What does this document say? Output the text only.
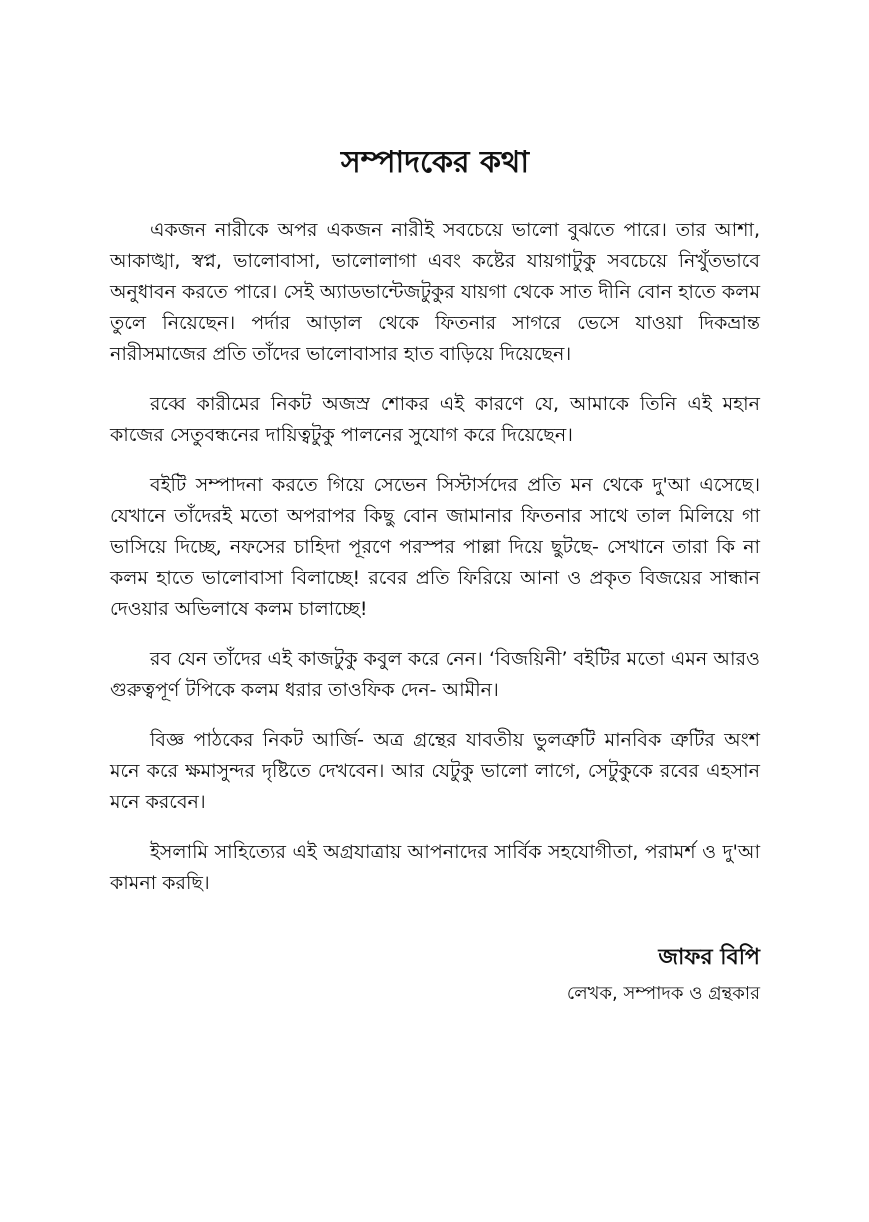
সম্পাদকের কথা

একজন নারীকে অপর একজন নারীই সবচেয়ে ভালো বুঝতে পারে। তার আশা, আকাঙ্খা, স্বপ্ন, ভালোবাসা, ভালোলাগা এবং কষ্টের যায়গাটুকু সবচেয়ে নিখুঁতভাবে অনুধাবন করতে পারে। সেই অ্যাডভান্টেজটুকুর যায়গা থেকে সাত দীনি বোন হাতে কলম তুলে নিয়েছেন। পর্দার আড়াল থেকে ফিতনার সাগরে ভেসে যাওয়া দিকভ্রান্ত নারীসমাজের প্রতি তাঁদের ভালোবাসার হাত বাড়িয়ে দিয়েছেন।

রব্বে কারীমের নিকট অজস্র শোকর এই কারণে যে, আমাকে তিনি এই মহান কাজের সেতুবন্ধনের দায়িত্বটুকু পালনের সুযোগ করে দিয়েছেন।

বইটি সম্পাদনা করতে গিয়ে সেভেন সিস্টার্সদের প্রতি মন থেকে দু'আ এসেছে। যেখানে তাঁদেরই মতো অপরাপর কিছু বোন জামানার ফিতনার সাথে তাল মিলিয়ে গা ভাসিয়ে দিচ্ছে, নফসের চাহিদা পূরণে পরস্পর পাল্লা দিয়ে ছুটছে- সেখানে তারা কি না কলম হাতে ভালোবাসা বিলাচ্ছে! রবের প্রতি ফিরিয়ে আনা ও প্রকৃত বিজয়ের সান্ধান দেওয়ার অভিলাষে কলম চালাচ্ছে!

রব যেন তাঁদের এই কাজটুকু কবুল করে নেন। ‘বিজয়িনী’ বইটির মতো এমন আরও গুরুত্বপূর্ণ টপিকে কলম ধরার তাওফিক দেন- আমীন।

বিজ্ঞ পাঠকের নিকট আর্জি- অত্র গ্রন্থের যাবতীয় ভুলত্রুটি মানবিক ত্রুটির অংশ মনে করে ক্ষমাসুন্দর দৃষ্টিতে দেখবেন। আর যেটুকু ভালো লাগে, সেটুকুকে রবের এহসান মনে করবেন।

ইসলামি সাহিত্যের এই অগ্রযাত্রায় আপনাদের সার্বিক সহযোগীতা, পরামর্শ ও দু'আ কামনা করছি।

জাফর বিপি
লেখক, সম্পাদক ও গ্রন্থকার
